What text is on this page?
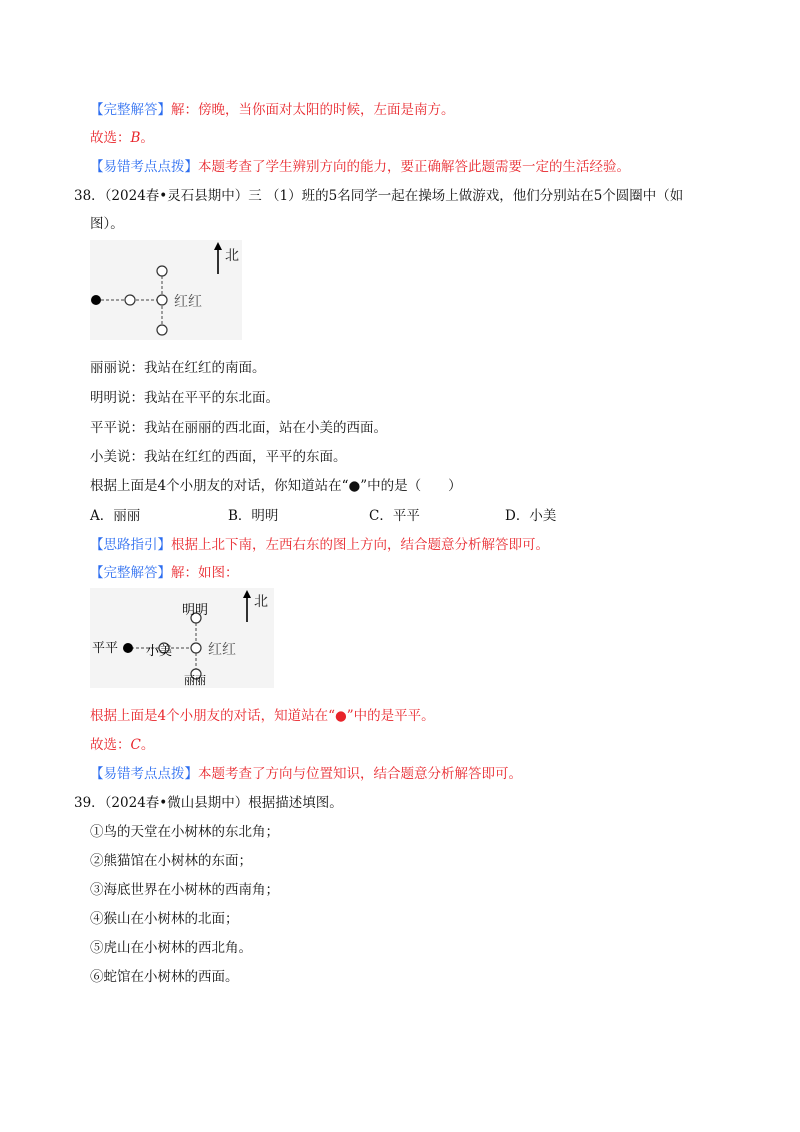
【完整解答】解：傍晚，当你面对太阳的时候，左面是南方。
故选：B。
【易错考点点拨】本题考查了学生辨别方向的能力，要正确解答此题需要一定的生活经验。
38．（2024春•灵石县期中）三 （1）班的5名同学一起在操场上做游戏，他们分别站在5个圆圈中（如
图）。
北
红红
丽丽说：我站在红红的南面。
明明说：我站在平平的东北面。
平平说：我站在丽丽的西北面，站在小美的西面。
小美说：我站在红红的西面，平平的东面。
根据上面是4个小朋友的对话，你知道站在“●”中的是（　　）
A．丽丽	B．明明	C．平平	D．小美
【思路指引】根据上北下南，左西右东的图上方向，结合题意分析解答即可。
【完整解答】解：如图：
北
明明
平平 小美	红红
丽丽
根据上面是4个小朋友的对话，知道站在“●”中的是平平。
故选：C。
【易错考点点拨】本题考查了方向与位置知识，结合题意分析解答即可。
39．（2024春•微山县期中）根据描述填图。
①鸟的天堂在小树林的东北角；
②熊猫馆在小树林的东面；
③海底世界在小树林的西南角；
④猴山在小树林的北面；
⑤虎山在小树林的西北角。
⑥蛇馆在小树林的西面。
